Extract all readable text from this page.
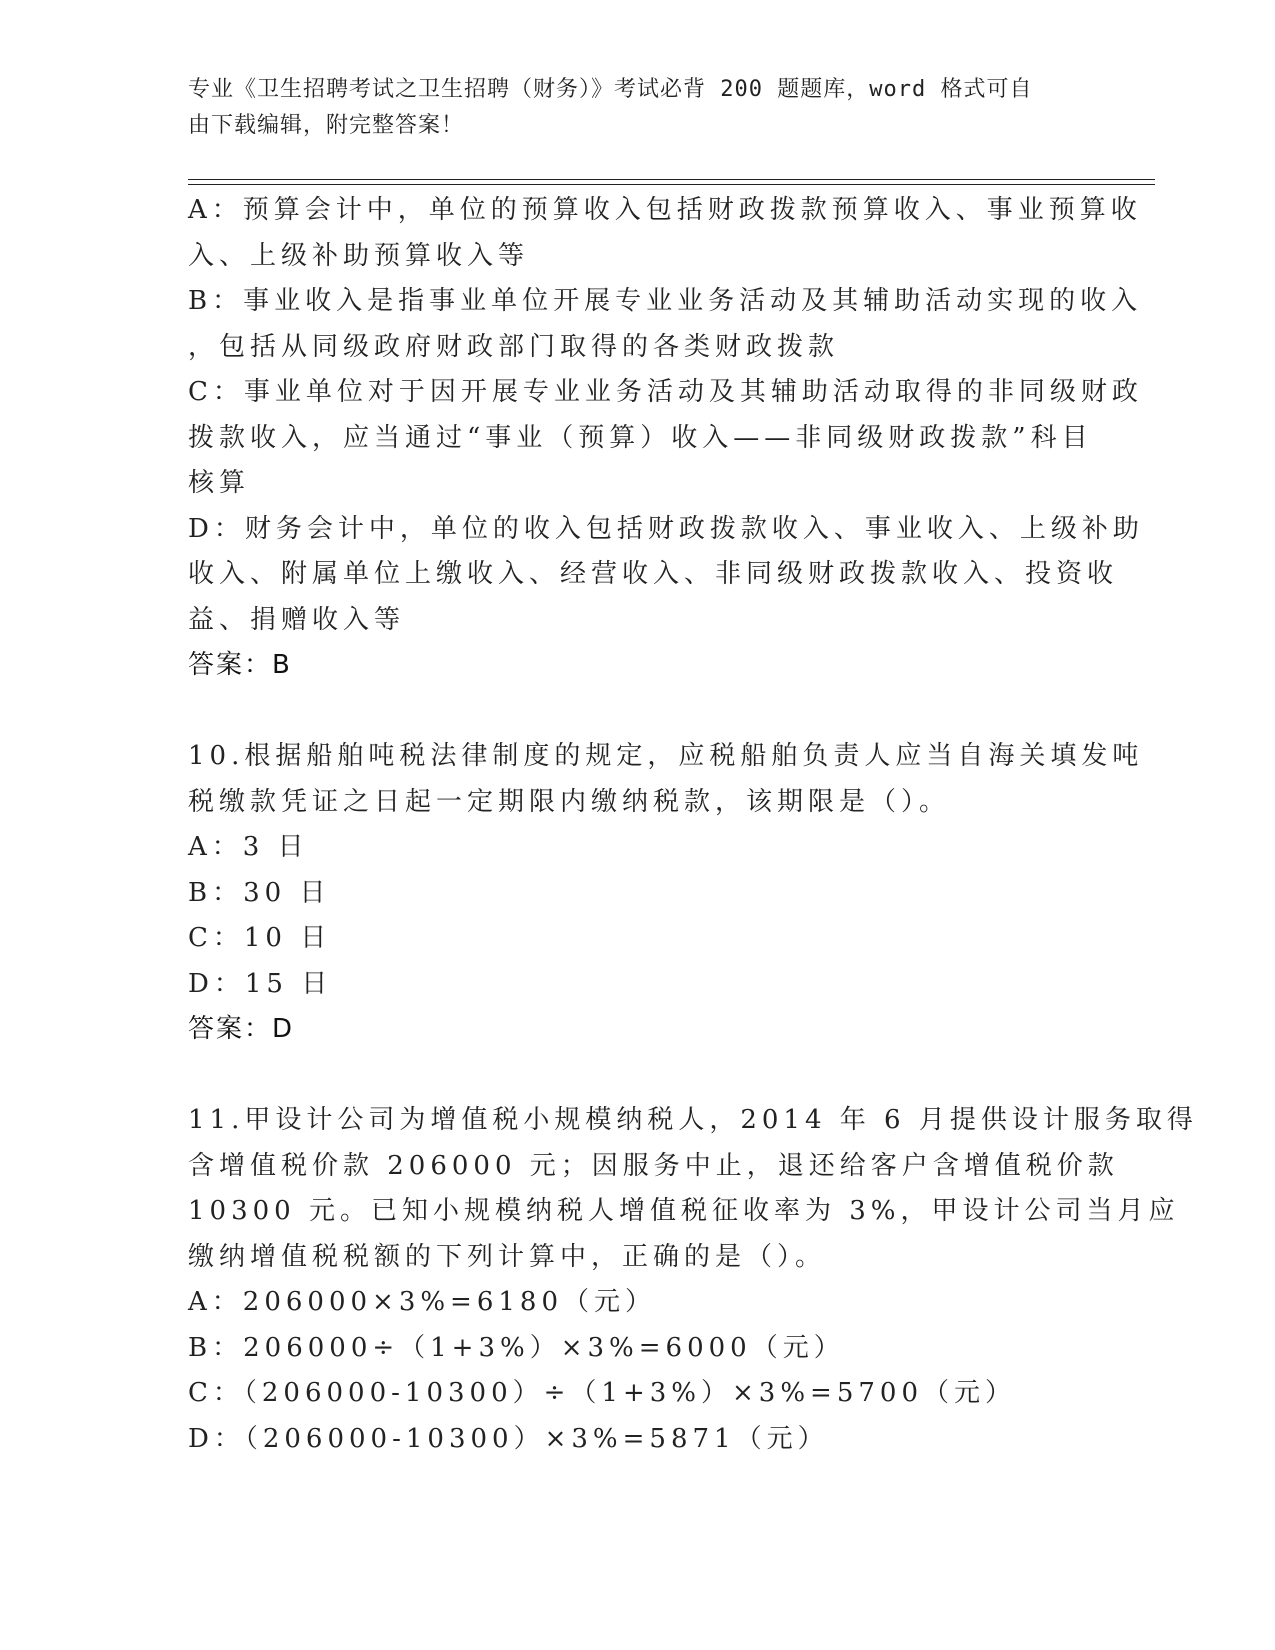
专业《卫生招聘考试之卫生招聘（财务）》考试必背 200 题题库，word 格式可自
由下载编辑，附完整答案！
A：预算会计中，单位的预算收入包括财政拨款预算收入、事业预算收
入、上级补助预算收入等
B：事业收入是指事业单位开展专业业务活动及其辅助活动实现的收入
，包括从同级政府财政部门取得的各类财政拨款
C：事业单位对于因开展专业业务活动及其辅助活动取得的非同级财政
拨款收入，应当通过“事业（预算）收入——非同级财政拨款”科目
核算
D：财务会计中，单位的收入包括财政拨款收入、事业收入、上级补助
收入、附属单位上缴收入、经营收入、非同级财政拨款收入、投资收
益、捐赠收入等
答案：B
10.根据船舶吨税法律制度的规定，应税船舶负责人应当自海关填发吨
税缴款凭证之日起一定期限内缴纳税款，该期限是（）。
A：3 日
B：30 日
C：10 日
D：15 日
答案：D
11.甲设计公司为增值税小规模纳税人，2014 年 6 月提供设计服务取得
含增值税价款 206000 元；因服务中止，退还给客户含增值税价款
10300 元。已知小规模纳税人增值税征收率为 3%，甲设计公司当月应
缴纳增值税税额的下列计算中，正确的是（）。
A：206000×3%=6180（元）
B：206000÷（1+3%）×3%=6000（元）
C：（206000-10300）÷（1+3%）×3%=5700（元）
D：（206000-10300）×3%=5871（元）
